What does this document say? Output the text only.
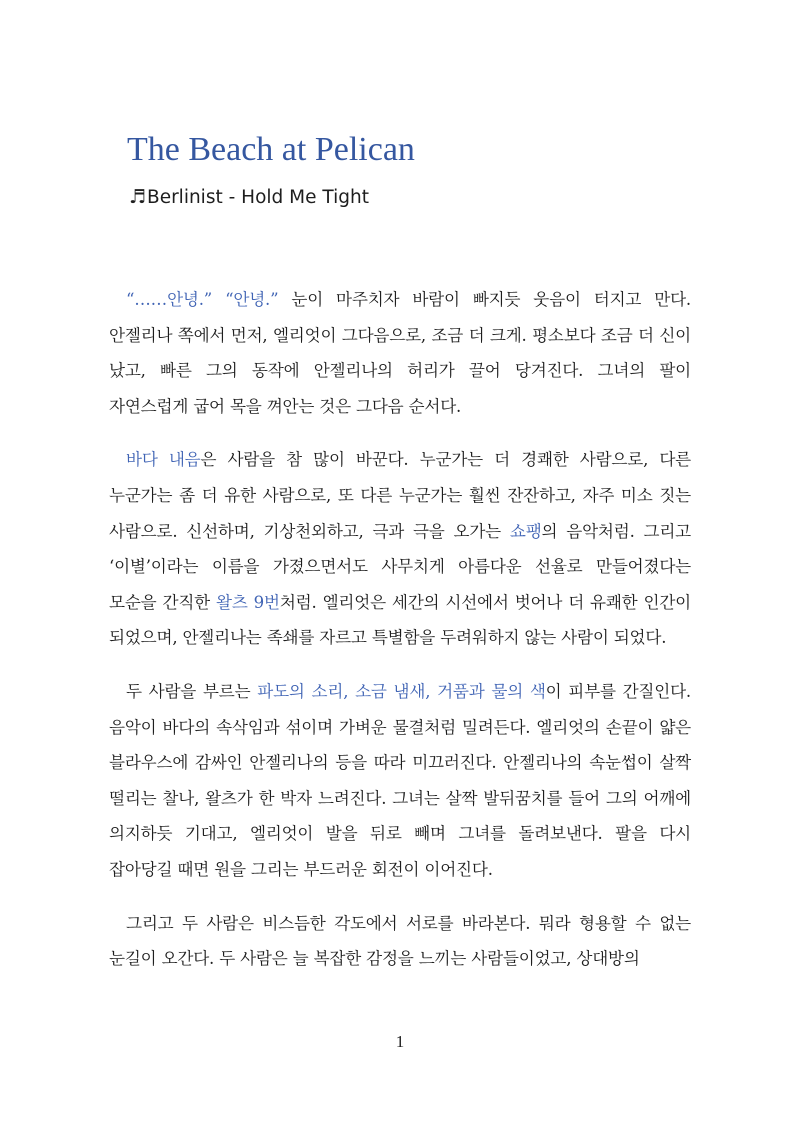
The Beach at Pelican
♬Berlinist - Hold Me Tight

“……안녕.” “안녕.” 눈이 마주치자 바람이 빠지듯 웃음이 터지고 만다. 안젤리나 쪽에서 먼저, 엘리엇이 그다음으로, 조금 더 크게. 평소보다 조금 더 신이 났고, 빠른 그의 동작에 안젤리나의 허리가 끌어 당겨진다. 그녀의 팔이 자연스럽게 굽어 목을 껴안는 것은 그다음 순서다.

바다 내음은 사람을 참 많이 바꾼다. 누군가는 더 경쾌한 사람으로, 다른 누군가는 좀 더 유한 사람으로, 또 다른 누군가는 훨씬 잔잔하고, 자주 미소 짓는 사람으로. 신선하며, 기상천외하고, 극과 극을 오가는 쇼팽의 음악처럼. 그리고 ‘이별’이라는 이름을 가졌으면서도 사무치게 아름다운 선율로 만들어졌다는 모순을 간직한 왈츠 9번처럼. 엘리엇은 세간의 시선에서 벗어나 더 유쾌한 인간이 되었으며, 안젤리나는 족쇄를 자르고 특별함을 두려워하지 않는 사람이 되었다.

두 사람을 부르는 파도의 소리, 소금 냄새, 거품과 물의 색이 피부를 간질인다. 음악이 바다의 속삭임과 섞이며 가벼운 물결처럼 밀려든다. 엘리엇의 손끝이 얇은 블라우스에 감싸인 안젤리나의 등을 따라 미끄러진다. 안젤리나의 속눈썹이 살짝 떨리는 찰나, 왈츠가 한 박자 느려진다. 그녀는 살짝 발뒤꿈치를 들어 그의 어깨에 의지하듯 기대고, 엘리엇이 발을 뒤로 빼며 그녀를 돌려보낸다. 팔을 다시 잡아당길 때면 원을 그리는 부드러운 회전이 이어진다.

그리고 두 사람은 비스듬한 각도에서 서로를 바라본다. 뭐라 형용할 수 없는 눈길이 오간다. 두 사람은 늘 복잡한 감정을 느끼는 사람들이었고, 상대방의

1
